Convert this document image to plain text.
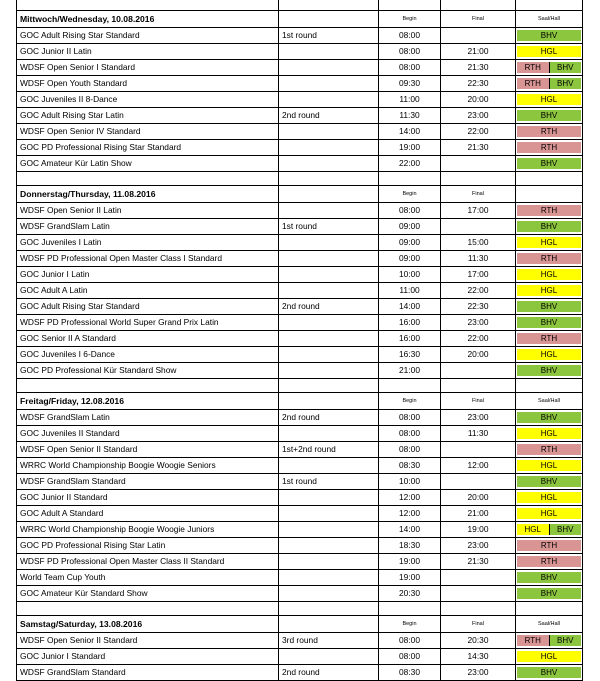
Mittwoch/Wednesday, 10.08.2016		Begin	Final	Saal/Hall
GOC Adult Rising Star Standard	1st round	08:00		BHV

GOC Junior II Latin		08:00	21:00	HGL

WDSF Open Senior I Standard		08:00	21:30	RTH BHV

WDSF Open Youth Standard		09:30	22:30	RTH BHV

GOC Juveniles II 8-Dance		11:00	20:00	HGL

GOC Adult Rising Star Latin	2nd round	11:30	23:00	BHV

WDSF Open Senior IV Standard		14:00	22:00	RTH

GOC PD Professional Rising Star Standard		19:00	21:30	RTH

GOC Amateur Kür Latin Show		22:00		BHV

Donnerstag/Thursday, 11.08.2016		Begin	Final	
WDSF Open Senior II Latin		08:00	17:00	RTH

WDSF GrandSlam Latin	1st round	09:00		BHV

GOC Juveniles I Latin		09:00	15:00	HGL

WDSF PD Professional Open Master Class I Standard		09:00	11:30	RTH

GOC Junior I Latin		10:00	17:00	HGL

GOC Adult A Latin		11:00	22:00	HGL

GOC Adult Rising Star Standard	2nd round	14:00	22:30	BHV

WDSF PD Professional World Super Grand Prix Latin		16:00	23:00	BHV

GOC Senior II A Standard		16:00	22:00	RTH

GOC Juveniles I 6-Dance		16:30	20:00	HGL

GOC PD Professional Kür Standard Show		21:00		BHV

Freitag/Friday, 12.08.2016		Begin	Final	Saal/Hall
WDSF GrandSlam Latin	2nd round	08:00	23:00	BHV

GOC Juveniles II Standard		08:00	11:30	HGL

WDSF Open Senior II Standard	1st+2nd round	08:00		RTH

WRRC World Championship Boogie Woogie Seniors		08:30	12:00	HGL

WDSF GrandSlam Standard	1st round	10:00		BHV

GOC Junior II Standard		12:00	20:00	HGL

GOC Adult A Standard		12:00	21:00	HGL

WRRC World Championship Boogie Woogie Juniors		14:00	19:00	HGL BHV

GOC PD Professional Rising Star Latin		18:30	23:00	RTH

WDSF PD Professional Open Master Class II Standard		19:00	21:30	RTH

World Team Cup Youth		19:00		BHV

GOC Amateur Kür Standard Show		20:30		BHV

Samstag/Saturday, 13.08.2016		Begin	Final	Saal/Hall
WDSF Open Senior II Standard	3rd round	08:00	20:30	RTH BHV

GOC Junior I Standard		08:00	14:30	HGL

WDSF GrandSlam Standard	2nd round	08:30	23:00	BHV
